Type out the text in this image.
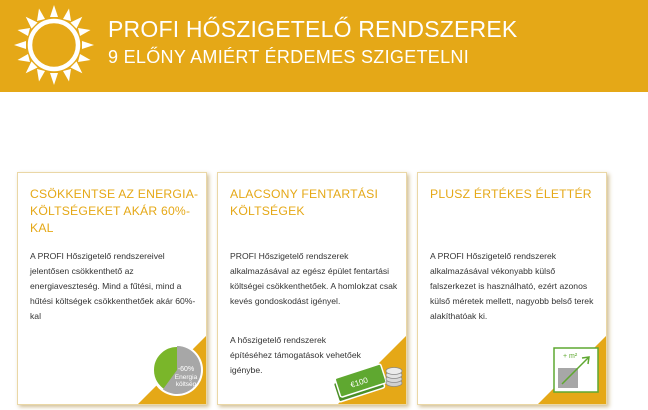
PROFI HŐSZIGETELŐ RENDSZEREK
9 ELŐNY AMIÉRT ÉRDEMES SZIGETELNI
CSÖKKENTSE AZ ENERGIA-KÖLTSÉGEKET AKÁR 60%-KAL
A PROFI Hőszigetelő rendszereivel jelentősen csökkenthető az energiaveszteség. Mind a fűtési, mind a hűtési költségek csökkenthetőek akár 60%-kal
-60%
Energia
költség
ALACSONY FENTARTÁSI KÖLTSÉGEK
PROFI Hőszigetelő rendszerek alkalmazásával az egész épület fentartási költségei csökkenthetőek. A homlokzat csak kevés gondoskodást igényel.
A hőszigetelő rendszerek építéséhez támogatások vehetőek igénybe.
€100
PLUSZ ÉRTÉKES ÉLETTÉR
A PROFI Hőszigetelő rendszerek alkalmazásával vékonyabb külső falszerkezet is használható, ezért azonos külső méretek mellett, nagyobb belső terek alakíthatóak ki.
+ m²
